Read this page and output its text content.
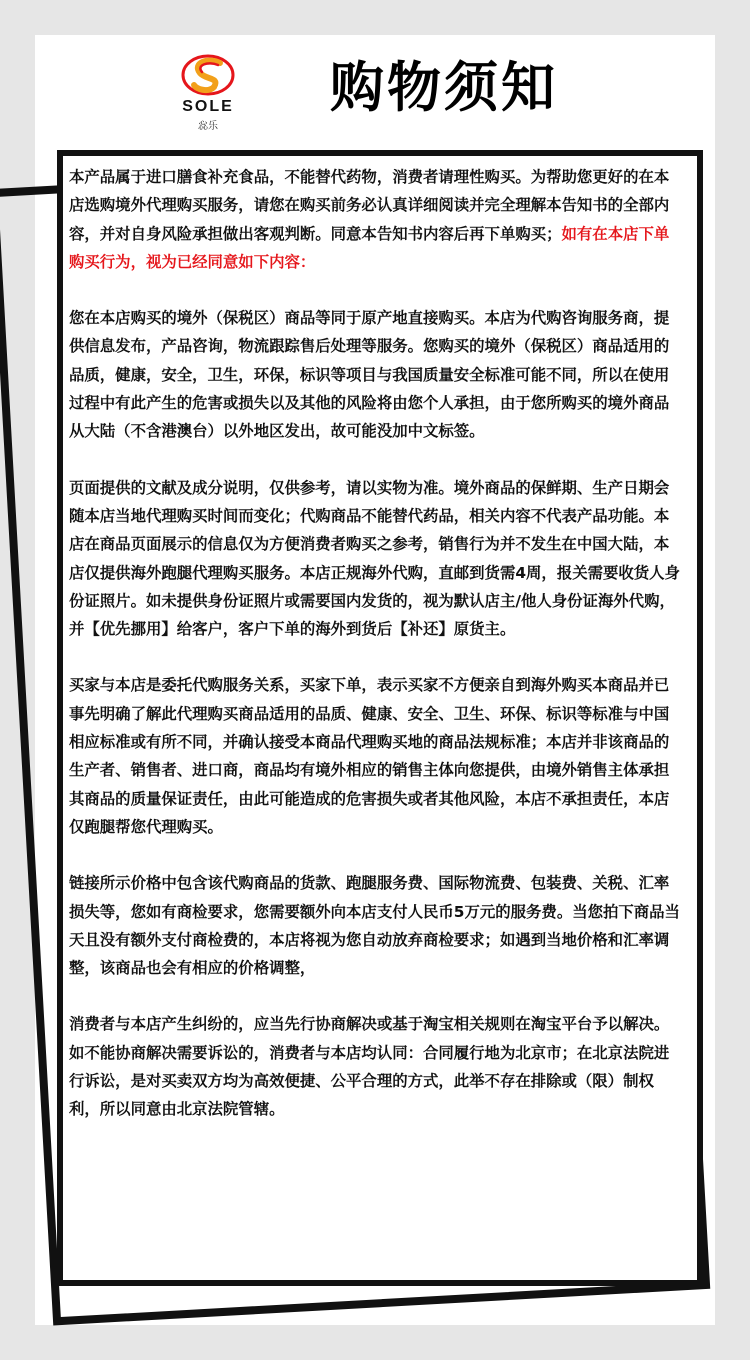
SOLE
惢乐
购物须知

本产品属于进口膳食补充食品，不能替代药物，消费者请理性购买。为帮助您更好的在本店选购境外代理购买服务，请您在购买前务必认真详细阅读并完全理解本告知书的全部内容，并对自身风险承担做出客观判断。同意本告知书内容后再下单购买；如有在本店下单购买行为，视为已经同意如下内容：

您在本店购买的境外（保税区）商品等同于原产地直接购买。本店为代购咨询服务商，提供信息发布，产品咨询，物流跟踪售后处理等服务。您购买的境外（保税区）商品适用的品质，健康，安全，卫生，环保，标识等项目与我国质量安全标准可能不同，所以在使用过程中有此产生的危害或损失以及其他的风险将由您个人承担，由于您所购买的境外商品从大陆（不含港澳台）以外地区发出，故可能没加中文标签。

页面提供的文献及成分说明，仅供参考，请以实物为准。境外商品的保鲜期、生产日期会随本店当地代理购买时间而变化；代购商品不能替代药品，相关内容不代表产品功能。本店在商品页面展示的信息仅为方便消费者购买之参考，销售行为并不发生在中国大陆，本店仅提供海外跑腿代理购买服务。本店正规海外代购，直邮到货需4周，报关需要收货人身份证照片。如未提供身份证照片或需要国内发货的，视为默认店主/他人身份证海外代购，并【优先挪用】给客户，客户下单的海外到货后【补还】原货主。

买家与本店是委托代购服务关系，买家下单，表示买家不方便亲自到海外购买本商品并已事先明确了解此代理购买商品适用的品质、健康、安全、卫生、环保、标识等标准与中国相应标准或有所不同，并确认接受本商品代理购买地的商品法规标准；本店并非该商品的生产者、销售者、进口商，商品均有境外相应的销售主体向您提供，由境外销售主体承担其商品的质量保证责任，由此可能造成的危害损失或者其他风险，本店不承担责任，本店仅跑腿帮您代理购买。

链接所示价格中包含该代购商品的货款、跑腿服务费、国际物流费、包装费、关税、汇率损失等，您如有商检要求，您需要额外向本店支付人民币5万元的服务费。当您拍下商品当天且没有额外支付商检费的，本店将视为您自动放弃商检要求；如遇到当地价格和汇率调整，该商品也会有相应的价格调整，

消费者与本店产生纠纷的，应当先行协商解决或基于淘宝相关规则在淘宝平台予以解决。如不能协商解决需要诉讼的，消费者与本店均认同：合同履行地为北京市；在北京法院进行诉讼，是对买卖双方均为高效便捷、公平合理的方式，此举不存在排除或（限）制权利，所以同意由北京法院管辖。
